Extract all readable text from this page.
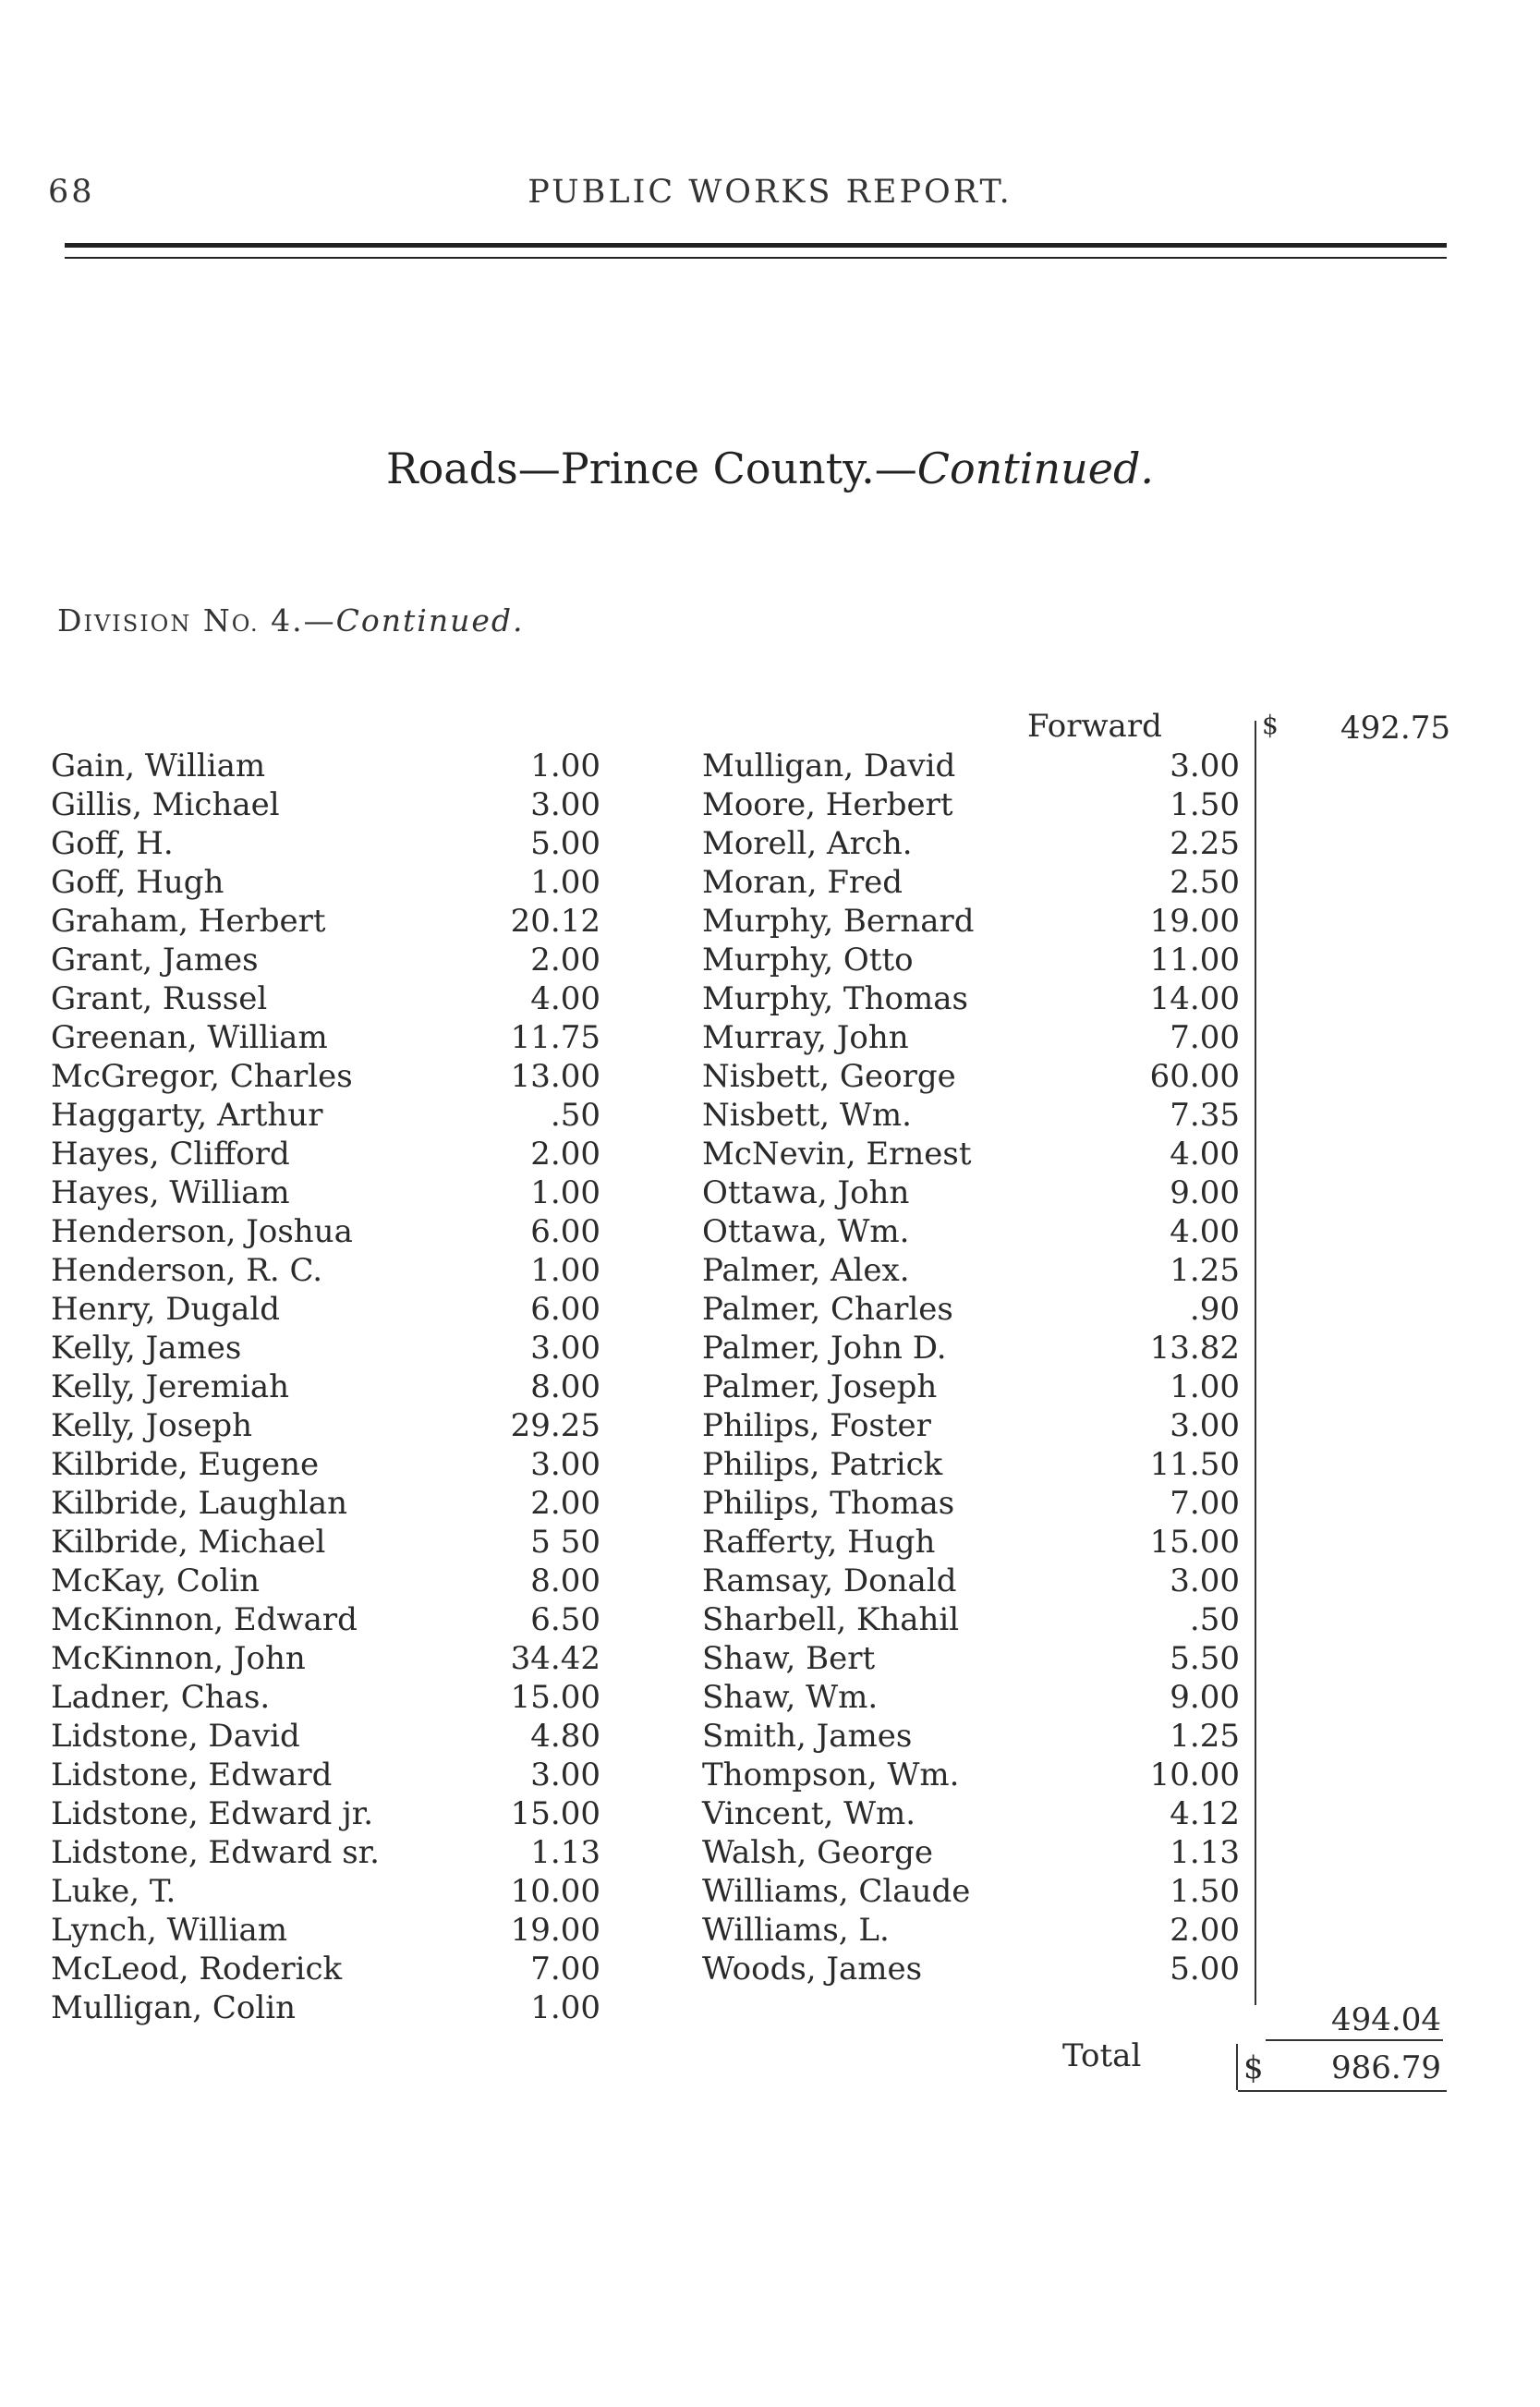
68	PUBLIC WORKS REPORT.
Roads—Prince County.—Continued.
DIVISION NO. 4.—Continued.
Forward	$	492.75
Gain, William	1.00
Gillis, Michael	3.00
Goff, H.	5.00
Goff, Hugh	1.00
Graham, Herbert	20.12
Grant, James	2.00
Grant, Russel	4.00
Greenan, William	11.75
McGregor, Charles	13.00
Haggarty, Arthur	.50
Hayes, Clifford	2.00
Hayes, William	1.00
Henderson, Joshua	6.00
Henderson, R. C.	1.00
Henry, Dugald	6.00
Kelly, James	3.00
Kelly, Jeremiah	8.00
Kelly, Joseph	29.25
Kilbride, Eugene	3.00
Kilbride, Laughlan	2.00
Kilbride, Michael	5 50
McKay, Colin	8.00
McKinnon, Edward	6.50
McKinnon, John	34.42
Ladner, Chas.	15.00
Lidstone, David	4.80
Lidstone, Edward	3.00
Lidstone, Edward jr.	15.00
Lidstone, Edward sr.	1.13
Luke, T.	10.00
Lynch, William	19.00
McLeod, Roderick	7.00
Mulligan, Colin	1.00
Mulligan, David	3.00
Moore, Herbert	1.50
Morell, Arch.	2.25
Moran, Fred	2.50
Murphy, Bernard	19.00
Murphy, Otto	11.00
Murphy, Thomas	14.00
Murray, John	7.00
Nisbett, George	60.00
Nisbett, Wm.	7.35
McNevin, Ernest	4.00
Ottawa, John	9.00
Ottawa, Wm.	4.00
Palmer, Alex.	1.25
Palmer, Charles	.90
Palmer, John D.	13.82
Palmer, Joseph	1.00
Philips, Foster	3.00
Philips, Patrick	11.50
Philips, Thomas	7.00
Rafferty, Hugh	15.00
Ramsay, Donald	3.00
Sharbell, Khahil	.50
Shaw, Bert	5.50
Shaw, Wm.	9.00
Smith, James	1.25
Thompson, Wm.	10.00
Vincent, Wm.	4.12
Walsh, George	1.13
Williams, Claude	1.50
Williams, L.	2.00
Woods, James	5.00
494.04
Total	$	986.79
